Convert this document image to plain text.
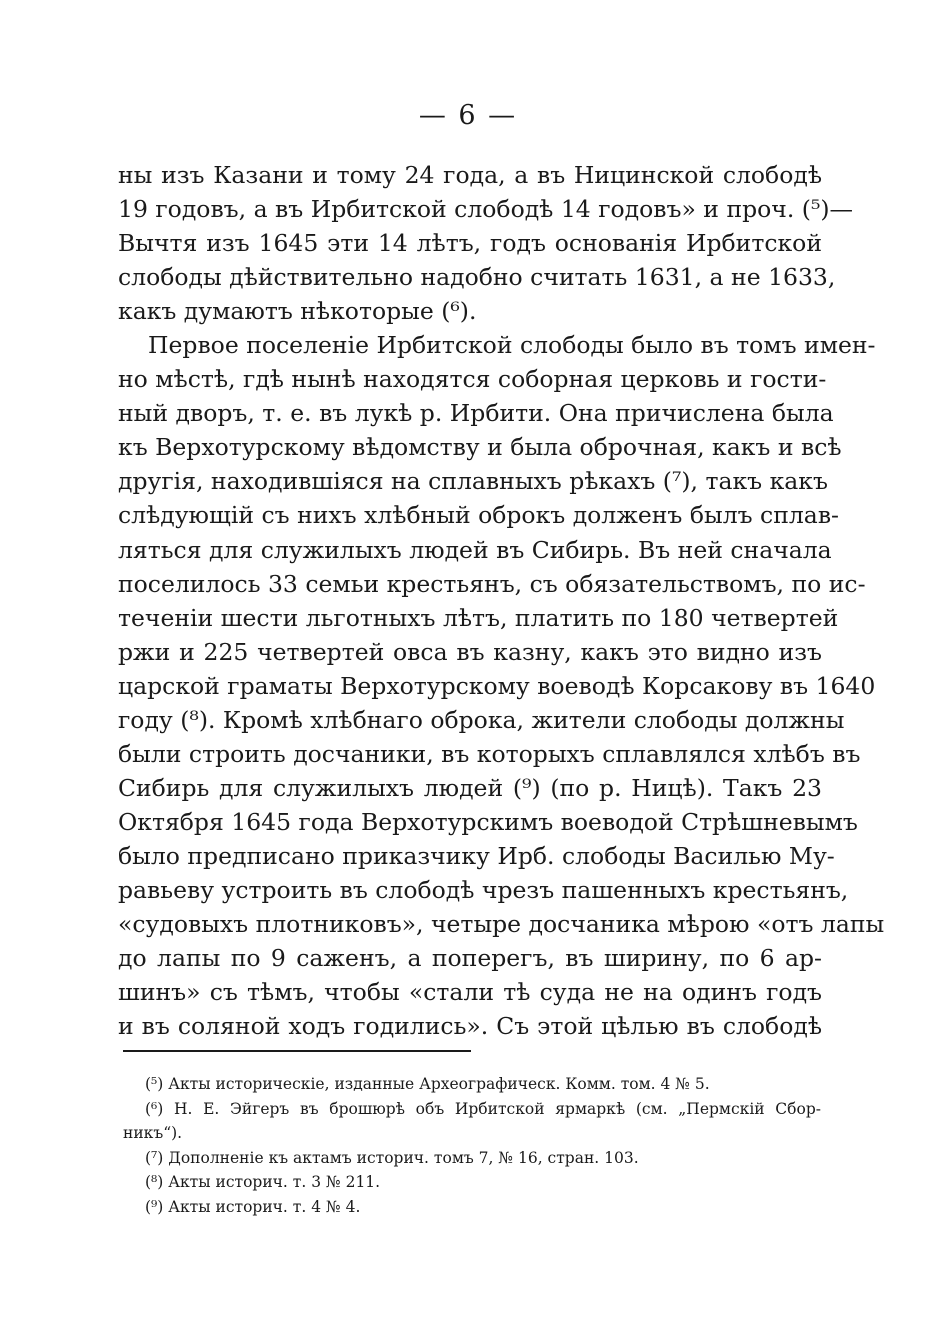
— 6 —
ны изъ Казани и тому 24 года, а въ Ницинской слободѣ
19 годовъ, а въ Ирбитской слободѣ 14 годовъ» и проч. (⁵)—
Вычтя изъ 1645 эти 14 лѣтъ, годъ основанія Ирбитской
слободы дѣйствительно надобно считать 1631, а не 1633,
какъ думаютъ нѣкоторые (⁶).
Первое поселеніе Ирбитской слободы было въ томъ имен-
но мѣстѣ, гдѣ нынѣ находятся соборная церковь и гости-
ный дворъ, т. е. въ лукѣ р. Ирбити. Она причислена была
къ Верхотурскому вѣдомству и была оброчная, какъ и всѣ
другія, находившіяся на сплавныхъ рѣкахъ (⁷), такъ какъ
слѣдующій съ нихъ хлѣбный оброкъ долженъ былъ сплав-
ляться для служилыхъ людей въ Сибирь. Въ ней сначала
поселилось 33 семьи крестьянъ, съ обязательствомъ, по ис-
теченіи шести льготныхъ лѣтъ, платить по 180 четвертей
ржи и 225 четвертей овса въ казну, какъ это видно изъ
царской граматы Верхотурскому воеводѣ Корсакову въ 1640
году (⁸). Кромѣ хлѣбнаго оброка, жители слободы должны
были строить досчаники, въ которыхъ сплавлялся хлѣбъ въ
Сибирь для служилыхъ людей (⁹) (по р. Ницѣ). Такъ 23
Октября 1645 года Верхотурскимъ воеводой Стрѣшневымъ
было предписано приказчику Ирб. слободы Василью Му-
равьеву устроить въ слободѣ чрезъ пашенныхъ крестьянъ,
«судовыхъ плотниковъ», четыре досчаника мѣрою «отъ лапы
до лапы по 9 саженъ, а поперегъ, въ ширину, по 6 ар-
шинъ» съ тѣмъ, чтобы «стали тѣ суда не на одинъ годъ
и въ соляной ходъ годились». Съ этой цѣлью въ слободѣ
(⁵) Акты историческіе, изданные Археографическ. Комм. том. 4 № 5.
(⁶) Н. Е. Эйгеръ въ брошюрѣ объ Ирбитской ярмаркѣ (см. „Пермскій Сбор-
никъ“).
(⁷) Дополненіе къ актамъ историч. томъ 7, № 16, стран. 103.
(⁸) Акты историч. т. 3 № 211.
(⁹) Акты историч. т. 4 № 4.
